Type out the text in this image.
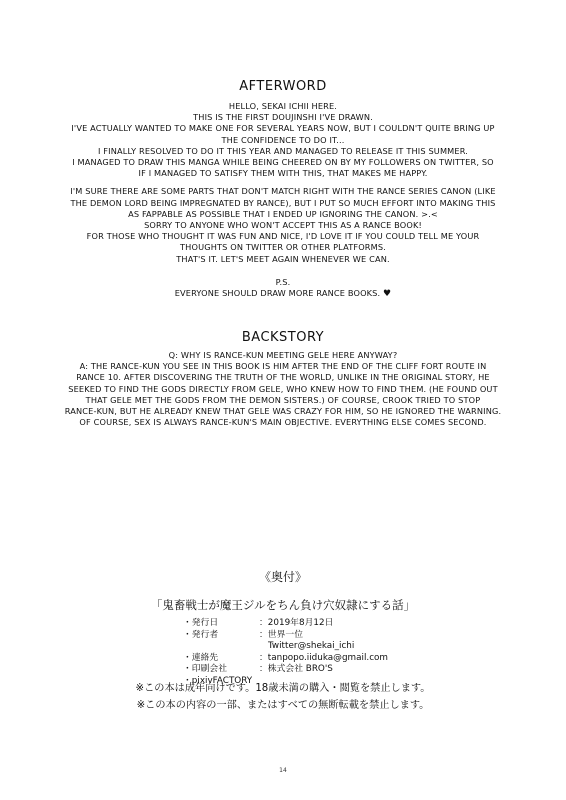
AFTERWORD
HELLO, SEKAI ICHII HERE.
THIS IS THE FIRST DOUJINSHI I'VE DRAWN.
I'VE ACTUALLY WANTED TO MAKE ONE FOR SEVERAL YEARS NOW, BUT I COULDN'T QUITE BRING UP
THE CONFIDENCE TO DO IT...
I FINALLY RESOLVED TO DO IT THIS YEAR AND MANAGED TO RELEASE IT THIS SUMMER.
I MANAGED TO DRAW THIS MANGA WHILE BEING CHEERED ON BY MY FOLLOWERS ON TWITTER, SO
IF I MANAGED TO SATISFY THEM WITH THIS, THAT MAKES ME HAPPY.
I'M SURE THERE ARE SOME PARTS THAT DON'T MATCH RIGHT WITH THE RANCE SERIES CANON (LIKE
THE DEMON LORD BEING IMPREGNATED BY RANCE), BUT I PUT SO MUCH EFFORT INTO MAKING THIS
AS FAPPABLE AS POSSIBLE THAT I ENDED UP IGNORING THE CANON. >.<
SORRY TO ANYONE WHO WON'T ACCEPT THIS AS A RANCE BOOK!
FOR THOSE WHO THOUGHT IT WAS FUN AND NICE, I'D LOVE IT IF YOU COULD TELL ME YOUR
THOUGHTS ON TWITTER OR OTHER PLATFORMS.
THAT'S IT. LET'S MEET AGAIN WHENEVER WE CAN.
P.S.
EVERYONE SHOULD DRAW MORE RANCE BOOKS. ♥
BACKSTORY
Q: WHY IS RANCE-KUN MEETING GELE HERE ANYWAY?
A: THE RANCE-KUN YOU SEE IN THIS BOOK IS HIM AFTER THE END OF THE CLIFF FORT ROUTE IN
RANCE 10. AFTER DISCOVERING THE TRUTH OF THE WORLD, UNLIKE IN THE ORIGINAL STORY, HE
SEEKED TO FIND THE GODS DIRECTLY FROM GELE, WHO KNEW HOW TO FIND THEM. (HE FOUND OUT
THAT GELE MET THE GODS FROM THE DEMON SISTERS.) OF COURSE, CROOK TRIED TO STOP
RANCE-KUN, BUT HE ALREADY KNEW THAT GELE WAS CRAZY FOR HIM, SO HE IGNORED THE WARNING.
OF COURSE, SEX IS ALWAYS RANCE-KUN'S MAIN OBJECTIVE. EVERYTHING ELSE COMES SECOND.
《奥付》
「鬼畜戦士が魔王ジルをちん負け穴奴隷にする話」
・発行日	：2019年8月12日
・発行者	：世界一位
Twitter@shekai_ichi
・連絡先	：tanpopo.iiduka@gmail.com
・印刷会社	：株式会社 BRO'S
・pixivFACTORY
※この本は成年向けです。18歳未満の購入・閲覧を禁止します。
※この本の内容の一部、またはすべての無断転載を禁止します。
14
